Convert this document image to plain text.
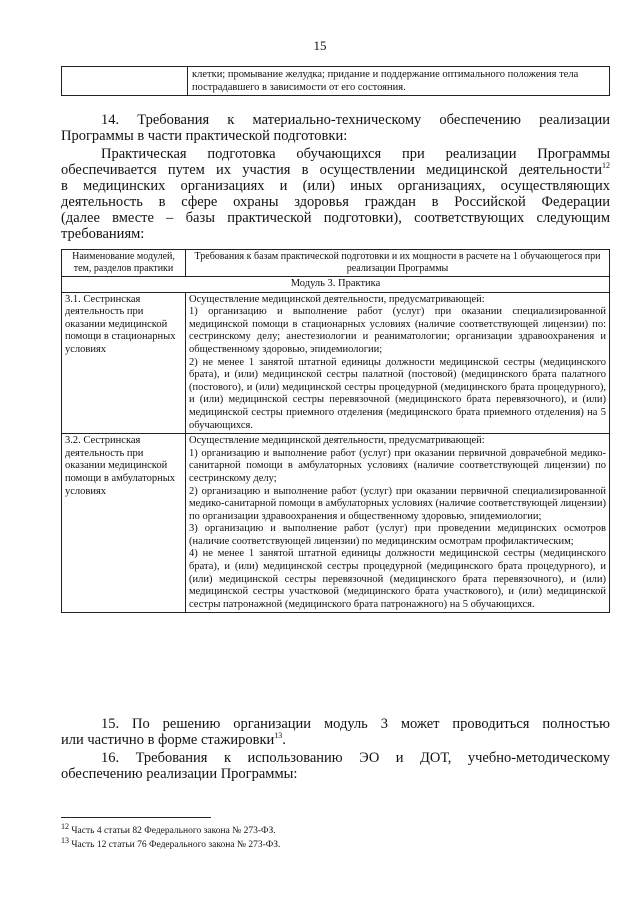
15
	клетки; промывание желудка; придание и поддержание оптимального положения тела пострадавшего в зависимости от его состояния.
14. Требования к материально-техническому обеспечению реализации
Программы в части практической подготовки:
Практическая подготовка обучающихся при реализации Программы
обеспечивается путем их участия в осуществлении медицинской деятельности$^{12}$
в медицинских организациях и (или) иных организациях, осуществляющих
деятельность в сфере охраны здоровья граждан в Российской Федерации
(далее вместе – базы практической подготовки), соответствующих следующим
требованиям:
Наименование модулей, тем, разделов практики	Требования к базам практической подготовки и их мощности в расчете на 1 обучающегося при реализации Программы
Модуль 3. Практика	
3.1. Сестринская деятельность при оказании медицинской помощи в стационарных условиях	Осуществление медицинской деятельности, предусматривающей:
1) организацию и выполнение работ (услуг) при оказании специализированной медицинской помощи в стационарных условиях (наличие соответствующей лицензии) по: сестринскому делу; анестезиологии и реаниматологии; организации здравоохранения и общественному здоровью, эпидемиологии;
2) не менее 1 занятой штатной единицы должности медицинской сестры (медицинского брата), и (или) медицинской сестры палатной (постовой) (медицинского брата палатного (постового), и (или) медицинской сестры процедурной (медицинского брата процедурного), и (или) медицинской сестры перевязочной (медицинского брата перевязочного), и (или) медицинской сестры приемного отделения (медицинского брата приемного отделения) на 5 обучающихся.

3.2. Сестринская деятельность при оказании медицинской помощи в амбулаторных условиях	Осуществление медицинской деятельности, предусматривающей:
1) организацию и выполнение работ (услуг) при оказании первичной доврачебной медико-санитарной помощи в амбулаторных условиях (наличие соответствующей лицензии) по сестринскому делу;
2) организацию и выполнение работ (услуг) при оказании первичной специализированной медико-санитарной помощи в амбулаторных условиях (наличие соответствующей лицензии) по организации здравоохранения и общественному здоровью, эпидемиологии;
3) организацию и выполнение работ (услуг) при проведении медицинских осмотров (наличие соответствующей лицензии) по медицинским осмотрам профилактическим;
4) не менее 1 занятой штатной единицы должности медицинской сестры (медицинского брата), и (или) медицинской сестры процедурной (медицинского брата процедурного), и (или) медицинской сестры перевязочной (медицинского брата перевязочного), и (или) медицинской сестры участковой (медицинского брата участкового), и (или) медицинской сестры патронажной (медицинского брата патронажного) на 5 обучающихся.
15. По решению организации модуль 3 может проводиться полностью
или частично в форме стажировки$^{13}$.
16. Требования к использованию ЭО и ДОТ, учебно-методическому
обеспечению реализации Программы:
$^{12}$ Часть 4 статьи 82 Федерального закона № 273-ФЗ.
$^{13}$ Часть 12 статьи 76 Федерального закона № 273-ФЗ.
